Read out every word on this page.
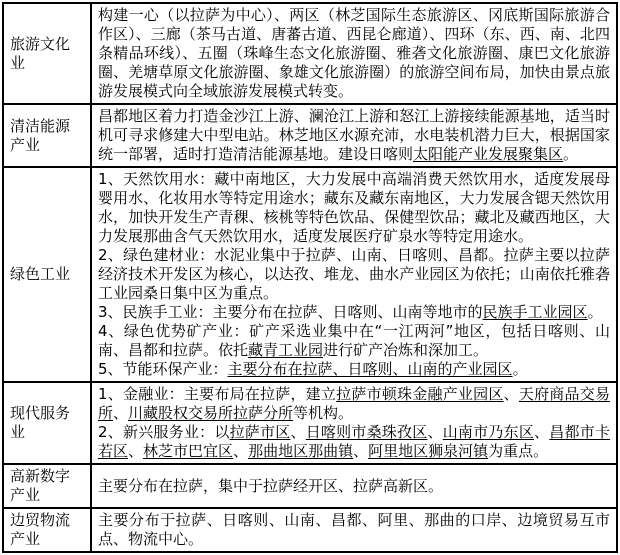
旅游文化业	构建一心（以拉萨为中心）、两区（林芝国际生态旅游区、冈底斯国际旅游合作区）、三廊（茶马古道、唐蕃古道、西昆仑廊道）、四环（东、西、南、北四条精品环线）、五圈（珠峰生态文化旅游圈、雅砻文化旅游圈、康巴文化旅游圈、羌塘草原文化旅游圈、象雄文化旅游圈）的旅游空间布局，加快由景点旅游发展模式向全域旅游发展模式转变。

清洁能源产业	昌都地区着力打造金沙江上游、澜沧江上游和怒江上游接续能源基地，适当时机可寻求修建大中型电站。林芝地区水源充沛，水电装机潜力巨大，根据国家统一部署，适时打造清洁能源基地。建设日喀则太阳能产业发展聚集区。

绿色工业	1、天然饮用水：藏中南地区，大力发展中高端消费天然饮用水，适度发展母婴用水、化妆用水等特定用途水；藏东及藏东南地区，大力发展含锶天然饮用水，加快开发生产青稞、核桃等特色饮品、保健型饮品；藏北及藏西地区，大力发展那曲含气天然饮用水，适度发展医疗矿泉水等特定用途水。

2、绿色建材业：水泥业集中于拉萨、山南、日喀则、昌都。拉萨主要以拉萨经济技术开发区为核心，以达孜、堆龙、曲水产业园区为依托；山南依托雅砻工业园桑日集中区为重点。

3、民族手工业：主要分布在拉萨、日喀则、山南等地市的民族手工业园区。

4、绿色优势矿产业：矿产采选业集中在“一江两河”地区，包括日喀则、山南、昌都和拉萨。依托藏青工业园进行矿产冶炼和深加工。

5、节能环保产业：主要分布在拉萨、日喀则、山南的产业园区。

现代服务业	1、金融业：主要布局在拉萨，建立拉萨市顿珠金融产业园区、天府商品交易所、川藏股权交易所拉萨分所等机构。

2、新兴服务业：以拉萨市区、日喀则市桑珠孜区、山南市乃东区、昌都市卡若区、林芝市巴宜区、那曲地区那曲镇、阿里地区狮泉河镇为重点。

高新数字产业	主要分布在拉萨，集中于拉萨经开区、拉萨高新区。

边贸物流产业	主要分布于拉萨、日喀则、山南、昌都、阿里、那曲的口岸、边境贸易互市点、物流中心。
